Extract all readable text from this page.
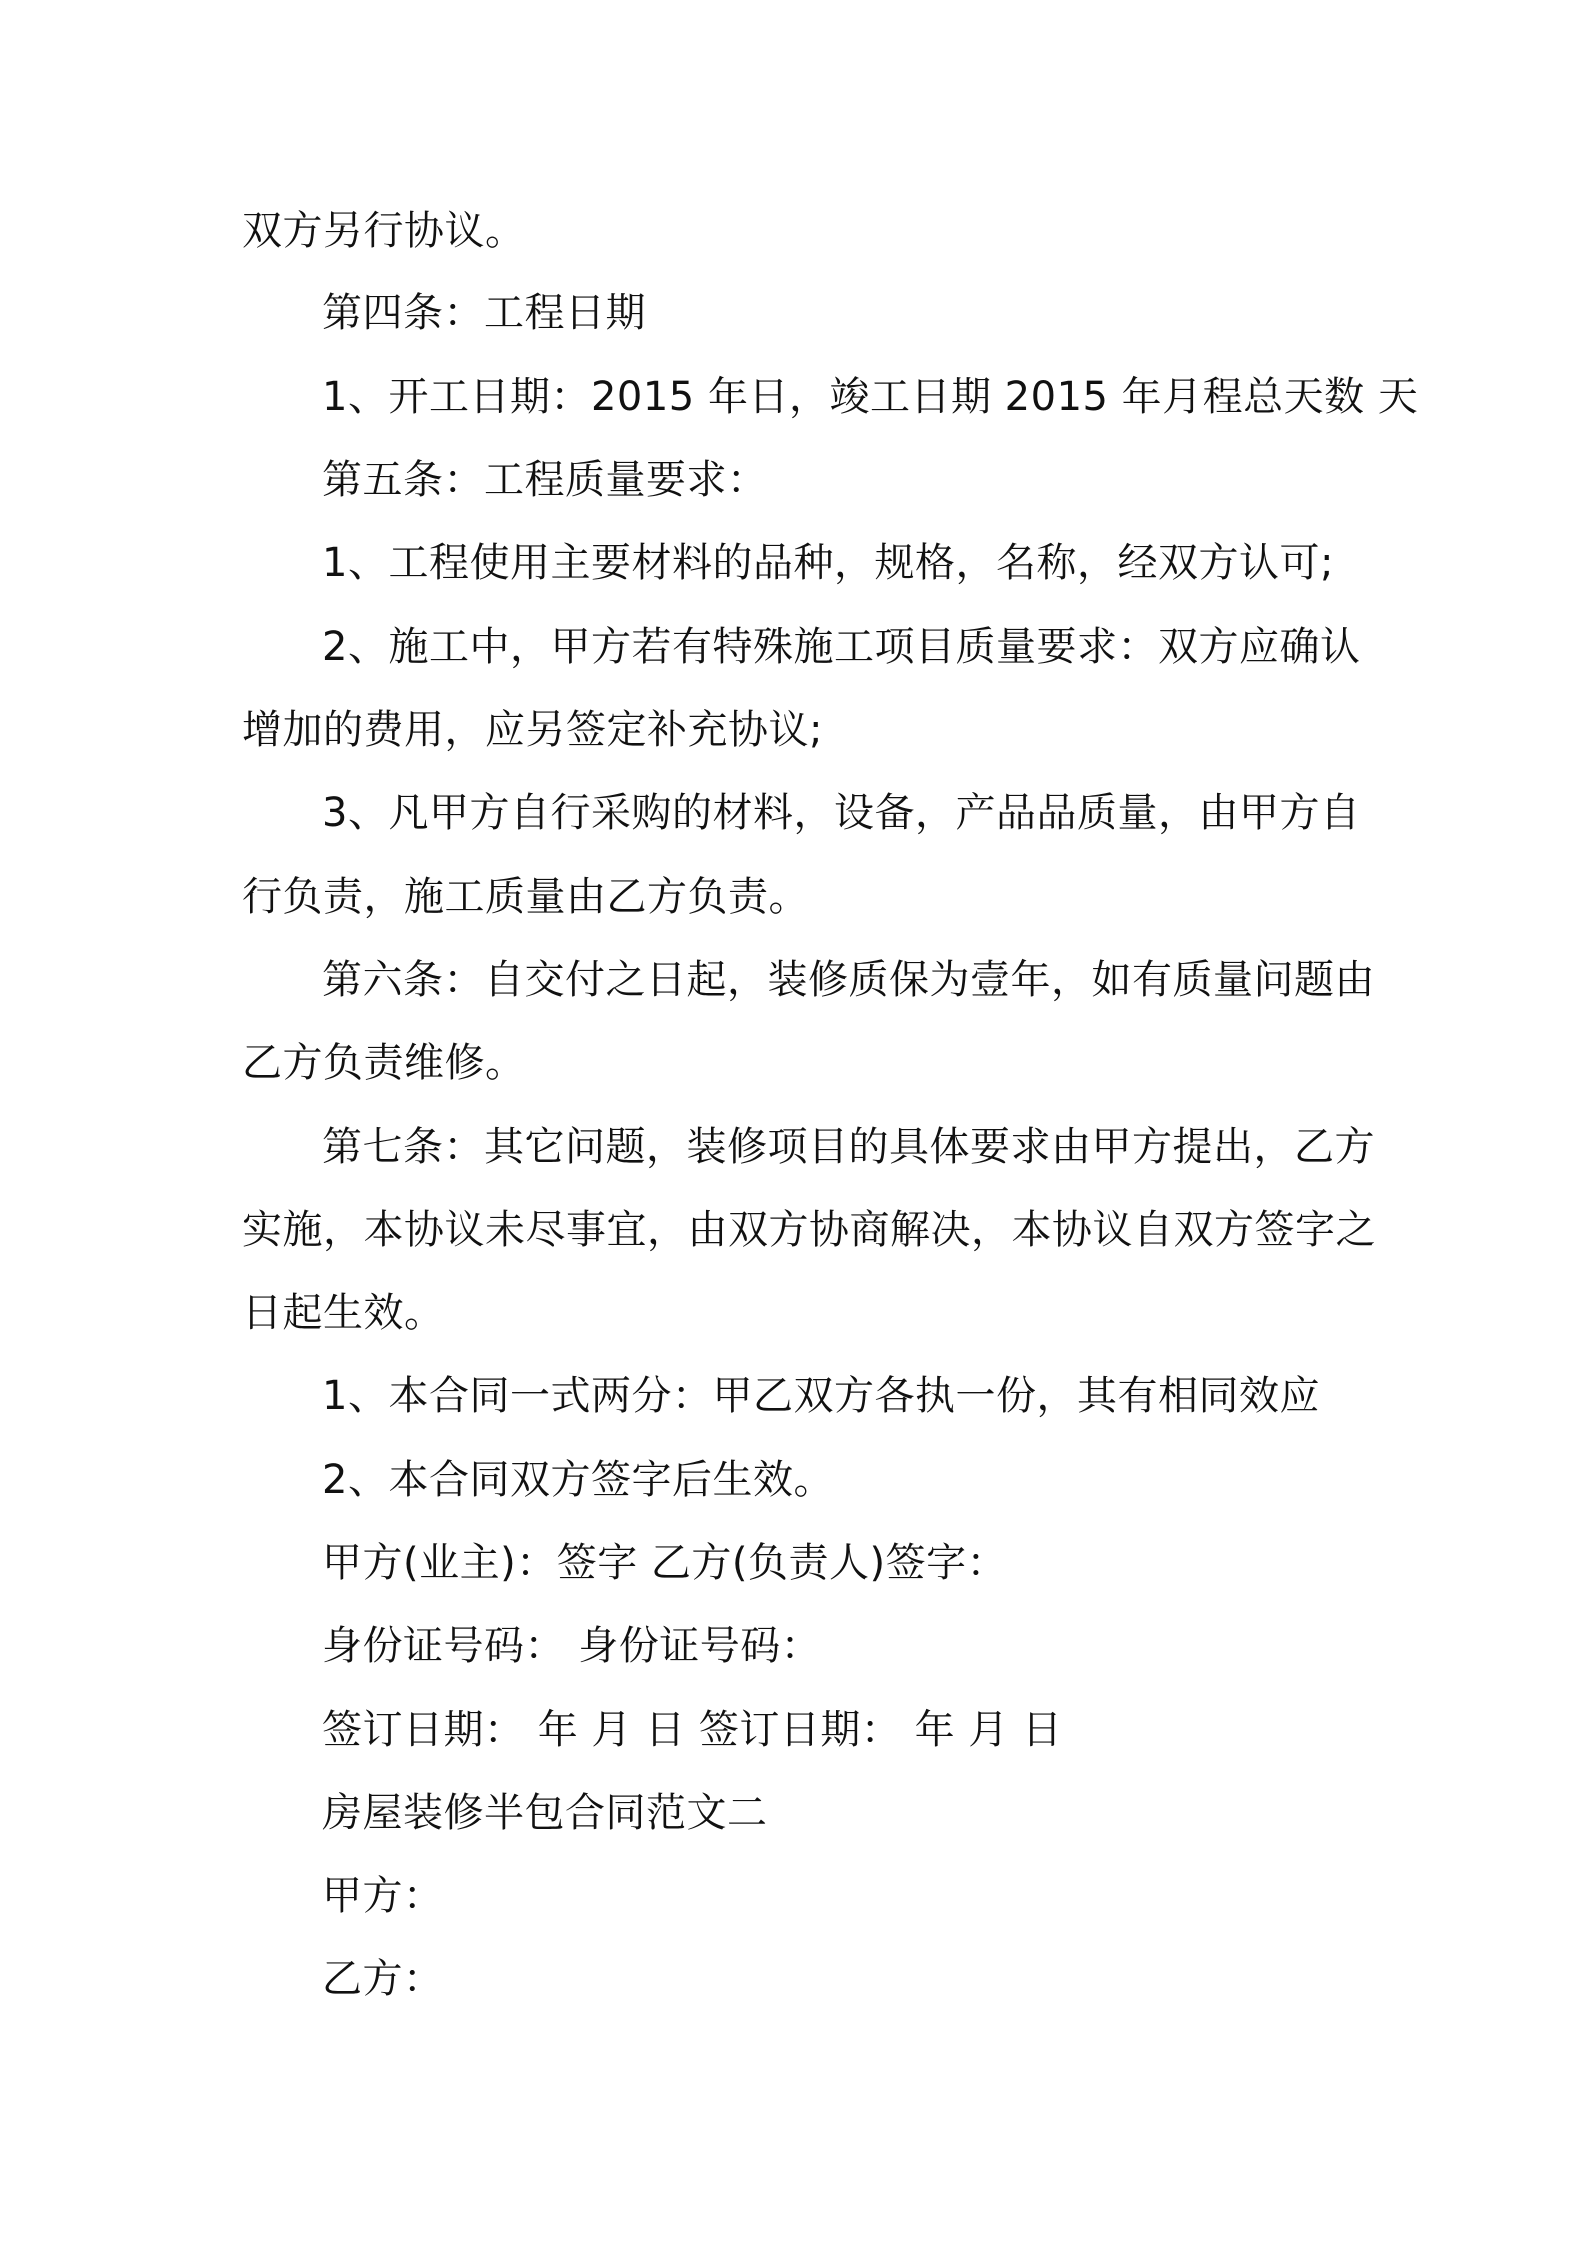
双方另行协议。
第四条：工程日期
1、开工日期：2015 年日，竣工日期 2015 年月程总天数 天
第五条：工程质量要求：
1、工程使用主要材料的品种，规格，名称，经双方认可;
2、施工中，甲方若有特殊施工项目质量要求：双方应确认
增加的费用，应另签定补充协议;
3、凡甲方自行采购的材料，设备，产品品质量，由甲方自
行负责，施工质量由乙方负责。
第六条：自交付之日起，装修质保为壹年，如有质量问题由
乙方负责维修。
第七条：其它问题，装修项目的具体要求由甲方提出，乙方
实施，本协议未尽事宜，由双方协商解决，本协议自双方签字之
日起生效。
1、本合同一式两分：甲乙双方各执一份，其有相同效应
2、本合同双方签字后生效。
甲方(业主)：签字 乙方(负责人)签字：
身份证号码： 身份证号码：
签订日期： 年 月 日 签订日期： 年 月 日
房屋装修半包合同范文二
甲方：
乙方：
